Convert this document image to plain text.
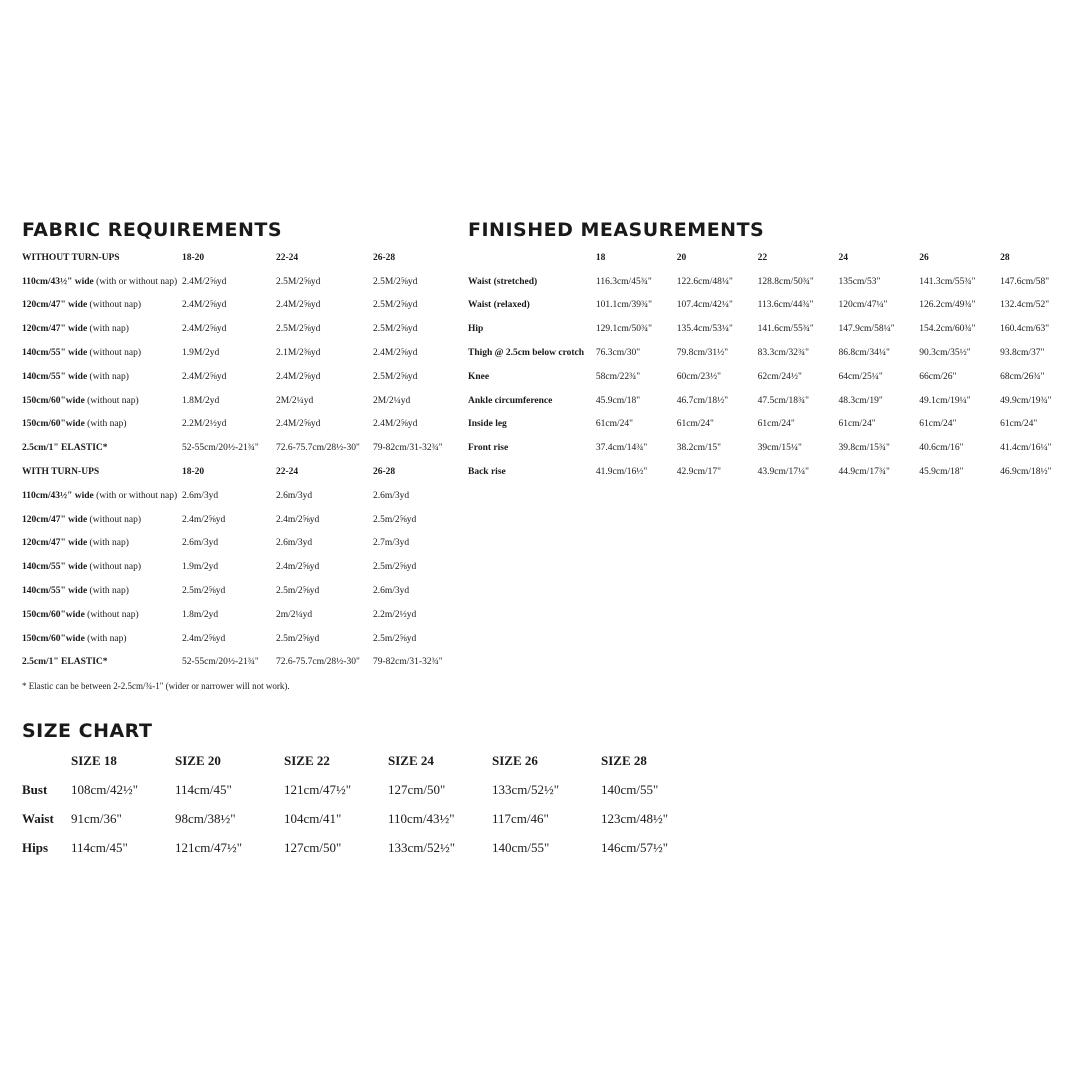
FABRIC REQUIREMENTS
WITHOUT TURN-UPS	18-20	22-24	26-28
110cm/43½" wide (with or without nap)	2.4M/2⅝yd	2.5M/2⅝yd	2.5M/2⅝yd
120cm/47" wide (without nap)	2.4M/2⅝yd	2.4M/2⅝yd	2.5M/2⅝yd
120cm/47" wide (with nap)	2.4M/2⅝yd	2.5M/2⅝yd	2.5M/2⅝yd
140cm/55" wide (without nap)	1.9M/2yd	2.1M/2⅜yd	2.4M/2⅝yd
140cm/55" wide (with nap)	2.4M/2⅝yd	2.4M/2⅝yd	2.5M/2⅝yd
150cm/60"wide (without nap)	1.8M/2yd	2M/2¼yd	2M/2¼yd
150cm/60"wide (with nap)	2.2M/2½yd	2.4M/2⅝yd	2.4M/2⅝yd
2.5cm/1" ELASTIC*	52-55cm/20½-21¾"	72.6-75.7cm/28½-30"	79-82cm/31-32¾"
WITH TURN-UPS	18-20	22-24	26-28
110cm/43½" wide (with or without nap)	2.6m/3yd	2.6m/3yd	2.6m/3yd
120cm/47" wide (without nap)	2.4m/2⅝yd	2.4m/2⅝yd	2.5m/2⅝yd
120cm/47" wide (with nap)	2.6m/3yd	2.6m/3yd	2.7m/3yd
140cm/55" wide (without nap)	1.9m/2yd	2.4m/2⅝yd	2.5m/2⅝yd
140cm/55" wide (with nap)	2.5m/2⅝yd	2.5m/2⅝yd	2.6m/3yd
150cm/60"wide (without nap)	1.8m/2yd	2m/2¼yd	2.2m/2½yd
150cm/60"wide (with nap)	2.4m/2⅝yd	2.5m/2⅝yd	2.5m/2⅝yd
2.5cm/1" ELASTIC*	52-55cm/20½-21¾"	72.6-75.7cm/28½-30"	79-82cm/31-32¾"
* Elastic can be between 2-2.5cm/¾-1" (wider or narrower will not work).
FINISHED MEASUREMENTS
	18	20	22	24	26	28
Waist (stretched)	116.3cm/45¾"	122.6cm/48¼"	128.8cm/50¾"	135cm/53"	141.3cm/55¾"	147.6cm/58"
Waist (relaxed)	101.1cm/39¾"	107.4cm/42¼"	113.6cm/44¾"	120cm/47¼"	126.2cm/49¾"	132.4cm/52"
Hip	129.1cm/50¾"	135.4cm/53¼"	141.6cm/55¾"	147.9cm/58¼"	154.2cm/60¾"	160.4cm/63"
Thigh @ 2.5cm below crotch	76.3cm/30"	79.8cm/31½"	83.3cm/32¾"	86.8cm/34¼"	90.3cm/35½"	93.8cm/37"
Knee	58cm/22¾"	60cm/23½"	62cm/24½"	64cm/25¼"	66cm/26"	68cm/26¾"
Ankle circumference	45.9cm/18"	46.7cm/18½"	47.5cm/18¾"	48.3cm/19"	49.1cm/19¼"	49.9cm/19¾"
Inside leg	61cm/24"	61cm/24"	61cm/24"	61cm/24"	61cm/24"	61cm/24"
Front rise	37.4cm/14¾"	38.2cm/15"	39cm/15¼"	39.8cm/15¾"	40.6cm/16"	41.4cm/16¼"
Back rise	41.9cm/16½"	42.9cm/17"	43.9cm/17¼"	44.9cm/17¾"	45.9cm/18"	46.9cm/18½"
SIZE CHART
	SIZE 18	SIZE 20	SIZE 22	SIZE 24	SIZE 26	SIZE 28
Bust	108cm/42½"	114cm/45"	121cm/47½"	127cm/50"	133cm/52½"	140cm/55"
Waist	91cm/36"	98cm/38½"	104cm/41"	110cm/43½"	117cm/46"	123cm/48½"
Hips	114cm/45"	121cm/47½"	127cm/50"	133cm/52½"	140cm/55"	146cm/57½"
